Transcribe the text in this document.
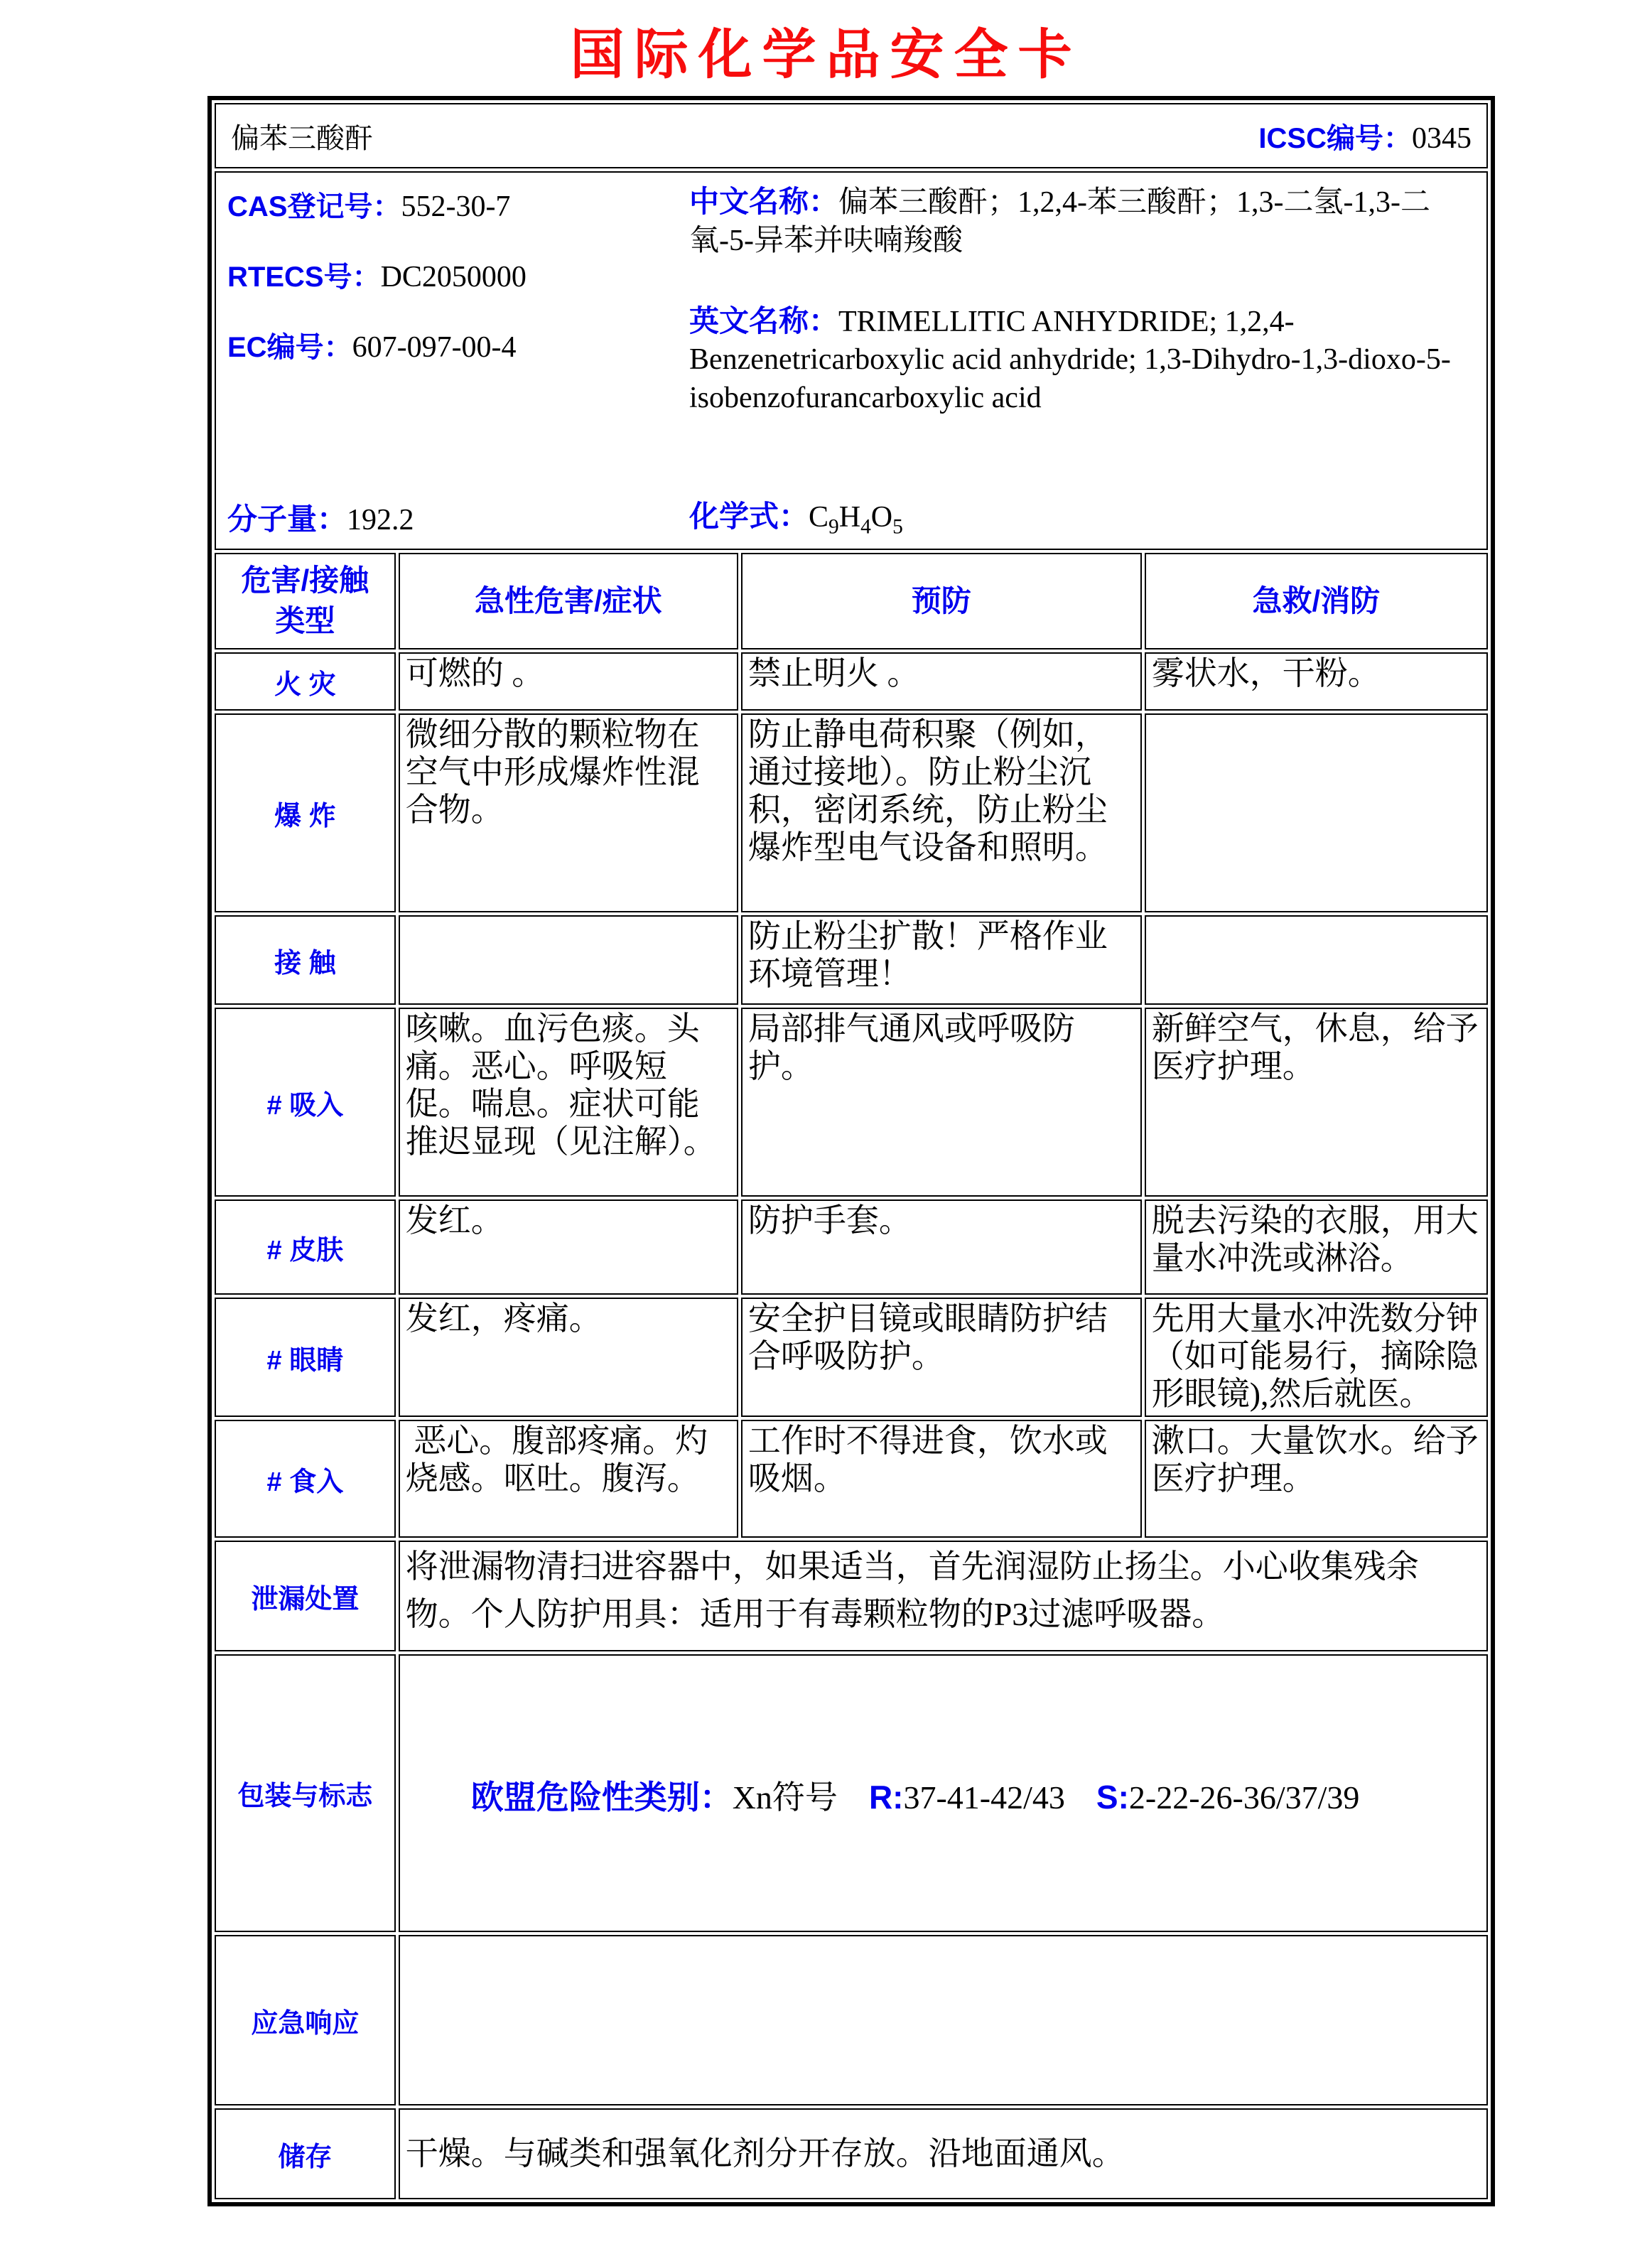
国际化学品安全卡
偏苯三酸酐 ICSC编号：0345			

CAS登记号：552-30-7

RTECS号：DC2050000

EC编号：607-097-00-4

中文名称：偏苯三酸酐；1,2,4-苯三酸酐；1,3-二氢-1,3-二氧-5-异苯并呋喃羧酸

英文名称：TRIMELLITIC ANHYDRIDE; 1,2,4-Benzenetricarboxylic acid anhydride; 1,3-Dihydro-1,3-dioxo-5-isobenzofurancarboxylic acid

分子量：192.2	化学式：$C_9H_4O_5$

危害/接触
类型	急性危害/症状	预防	急救/消防
火 灾	可燃的 。	禁止明火 。	雾状水，干粉。
爆 炸	微细分散的颗粒物在空气中形成爆炸性混合物。	防止静电荷积聚（例如，通过接地）。防止粉尘沉积，密闭系统，防止粉尘爆炸型电气设备和照明。	
接 触		防止粉尘扩散！严格作业环境管理！	
# 吸入	咳嗽。血污色痰。头痛。恶心。呼吸短促。喘息。症状可能推迟显现（见注解）。	局部排气通风或呼吸防护。	新鲜空气，休息，给予医疗护理。
# 皮肤	发红。	防护手套。	脱去污染的衣服，用大量水冲洗或淋浴。
# 眼睛	发红，疼痛。	安全护目镜或眼睛防护结合呼吸防护。	先用大量水冲洗数分钟（如可能易行，摘除隐形眼镜),然后就医。
# 食入	恶心。腹部疼痛。灼烧感。呕吐。腹泻。	工作时不得进食，饮水或吸烟。	漱口。大量饮水。给予医疗护理。
泄漏处置	将泄漏物清扫进容器中，如果适当，首先润湿防止扬尘。小心收集残余物。个人防护用具：适用于有毒颗粒物的P3过滤呼吸器。		
包装与标志	欧盟危险性类别：Xn符号 R:37-41-42/43 S:2-22-26-36/37/39		

应急响应			
储存	干燥。与碱类和强氧化剂分开存放。沿地面通风。		
